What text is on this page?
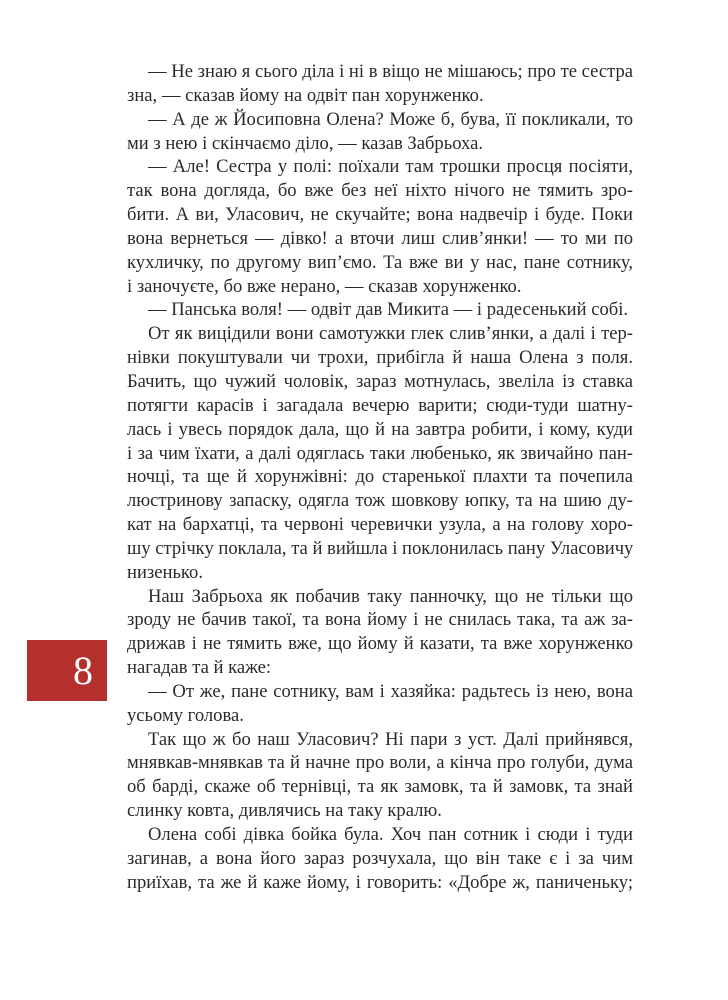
— Не знаю я сього діла і ні в віщо не мішаюсь; про те сестра
зна, — сказав йому на одвіт пан хорунженко.
— А де ж Йосиповна Олена? Може б, бува, її покликали, то
ми з нею і скінчаємо діло, — казав Забрьоха.
— Але! Сестра у полі: поїхали там трошки просця посіяти,
так вона догляда, бо вже без неї ніхто нічого не тямить зро-
бити. А ви, Уласович, не скучайте; вона надвечір і буде. Поки
вона вернеться — дівко! а вточи лиш слив’янки! — то ми по
кухличку, по другому вип’ємо. Та вже ви у нас, пане сотнику,
і заночуєте, бо вже нерано, — сказав хорунженко.
— Панська воля! — одвіт дав Микита — і радесенький собі.
От як вицідили вони самотужки глек слив’янки, а далі і тер-
нівки покуштували чи трохи, прибігла й наша Олена з поля.
Бачить, що чужий чоловік, зараз мотнулась, звеліла із ставка
потягти карасів і загадала вечерю варити; сюди-туди шатну-
лась і увесь порядок дала, що й на завтра робити, і кому, куди
і за чим їхати, а далі одяглась таки любенько, як звичайно пан-
ночці, та ще й хорунжівні: до старенької плахти та почепила
люстринову запаску, одягла тож шовкову юпку, та на шию ду-
кат на бархатці, та червоні черевички узула, а на голову хоро-
шу стрічку поклала, та й вийшла і поклонилась пану Уласовичу
низенько.
Наш Забрьоха як побачив таку панночку, що не тільки що
зроду не бачив такої, та вона йому і не снилась така, та аж за-
дрижав і не тямить вже, що йому й казати, та вже хорунженко
нагадав та й каже:
— От же, пане сотнику, вам і хазяйка: радьтесь із нею, вона
усьому голова.
Так що ж бо наш Уласович? Ні пари з уст. Далі прийнявся,
мнявкав-мнявкав та й начне про воли, а кінча про голуби, дума
об барді, скаже об тернівці, та як замовк, та й замовк, та знай
слинку ковта, дивлячись на таку кралю.
Олена собі дівка бойка була. Хоч пан сотник і сюди і туди
загинав, а вона його зараз розчухала, що він таке є і за чим
приїхав, та же й каже йому, і говорить: «Добре ж, паниченьку;
8
